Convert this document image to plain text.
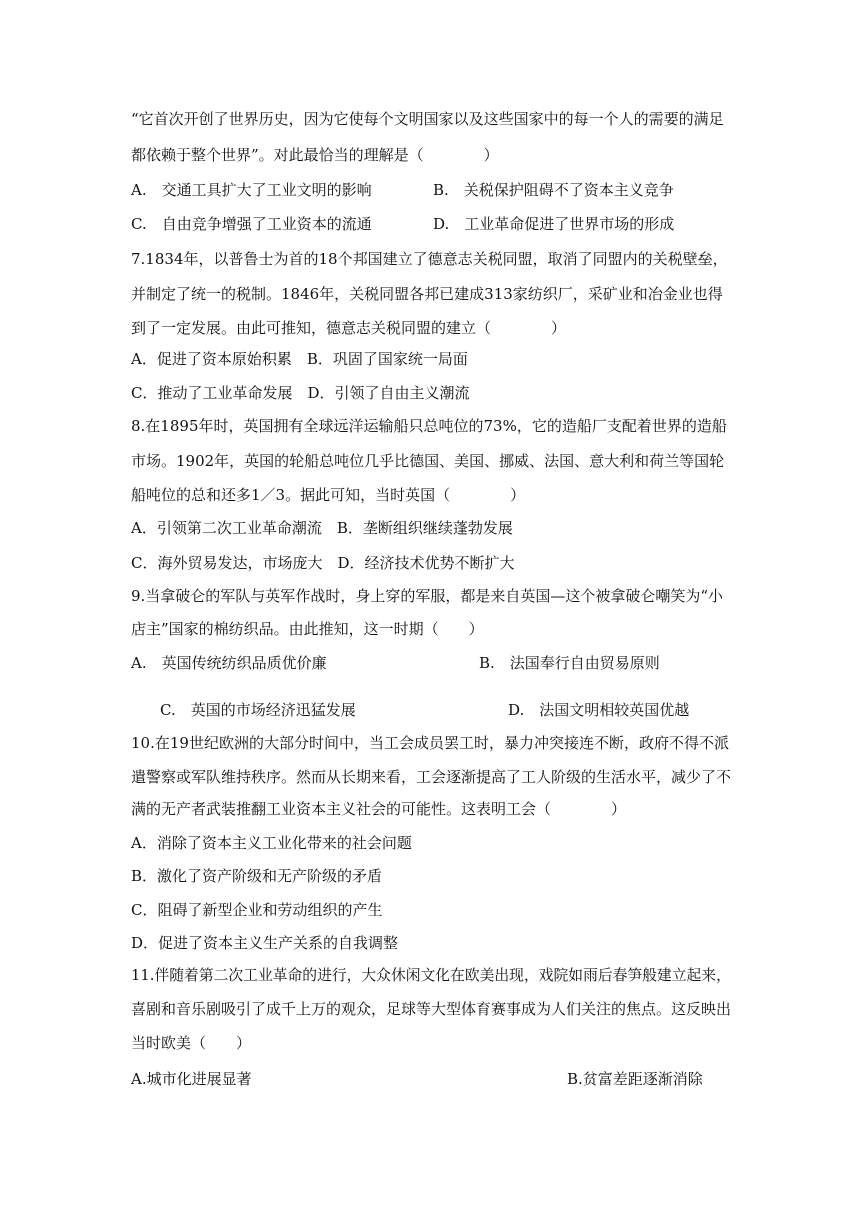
“它首次开创了世界历史，因为它使每个文明国家以及这些国家中的每一个人的需要的满足
都依赖于整个世界”。对此最恰当的理解是（　　　　）
A.　交通工具扩大了工业文明的影响	B.　关税保护阻碍不了资本主义竞争
C.　自由竞争增强了工业资本的流通	D.　工业革命促进了世界市场的形成
7.1834年，以普鲁士为首的18个邦国建立了德意志关税同盟，取消了同盟内的关税壁垒，
并制定了统一的税制。1846年，关税同盟各邦已建成313家纺织厂，采矿业和冶金业也得
到了一定发展。由此可推知，德意志关税同盟的建立（　　　　）
A．促进了资本原始积累　B．巩固了国家统一局面
C．推动了工业革命发展　D．引领了自由主义潮流
8.在1895年时，英国拥有全球远洋运输船只总吨位的73%，它的造船厂支配着世界的造船
市场。1902年，英国的轮船总吨位几乎比德国、美国、挪威、法国、意大利和荷兰等国轮
船吨位的总和还多1／3。据此可知，当时英国（　　　　）
A．引领第二次工业革命潮流　B．垄断组织继续蓬勃发展
C．海外贸易发达，市场庞大　D．经济技术优势不断扩大
9.当拿破仑的军队与英军作战时，身上穿的军服，都是来自英国—这个被拿破仑嘲笑为“小
店主”国家的棉纺织品。由此推知，这一时期（　　）
A.　英国传统纺织品质优价廉	B.　法国奉行自由贸易原则
C.　英国的市场经济迅猛发展	D.　法国文明相较英国优越
10.在19世纪欧洲的大部分时间中，当工会成员罢工时，暴力冲突接连不断，政府不得不派
遣警察或军队维持秩序。然而从长期来看，工会逐渐提高了工人阶级的生活水平，减少了不
满的无产者武装推翻工业资本主义社会的可能性。这表明工会（　　　　）
A．消除了资本主义工业化带来的社会问题
B．激化了资产阶级和无产阶级的矛盾
C．阻碍了新型企业和劳动组织的产生
D．促进了资本主义生产关系的自我调整
11.伴随着第二次工业革命的进行，大众休闲文化在欧美出现，戏院如雨后春笋般建立起来，
喜剧和音乐剧吸引了成千上万的观众，足球等大型体育赛事成为人们关注的焦点。这反映出
当时欧美（　　）
A.城市化进展显著	B.贫富差距逐渐消除
